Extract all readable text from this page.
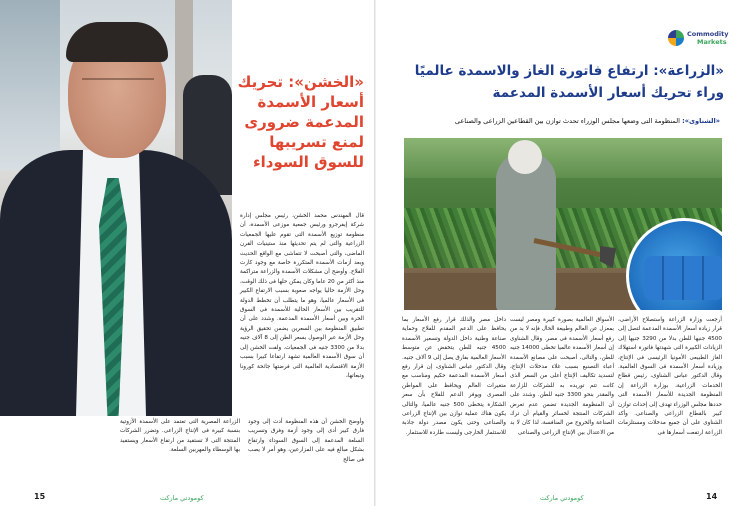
«الخشن»: تحريك أسعار الأسمدة المدعمة ضرورى لمنع تسريبها للسوق السوداء

قال المهندس محمد الخشن، رئيس مجلس إدارة شركة إيفرجرو ورئيس جمعية موزعى الأسمدة، أن منظومة توزيع الأسمدة التى تقوم عليها الجمعيات الزراعية والتى لم يتم تحديثها منذ ستينيات القرن الماضى، والتى أصبحت لا تتماشى مع الواقع الحديث وبعد أزمات الأسمدة المتكررة خاصة مع وجود كارت الفلاح. وأوضح أن مشكلات الأسمدة والزراعة متراكمة منذ أكثر من 20 عاما وكان يمكن حلها فى ذلك الوقت، وحل الأزمة حاليا يواجه صعوبة بسبب الارتفاع الكبير فى الأسعار عالميا، وهو ما يتطلب أن تخطط الدولة للتقريب بين الأسعار الحالية للأسمدة فى السوق الحرة وبين أسعار الأسمدة المدعمة. وشدد على أن تطبيق المنظومة بين السعرين يضمن تحقيق الرؤية وحل الأزمة عبر الوصول بسعر الطن إلى 8 آلاف جنيه بدلا من 3300 جنيه فى الجمعيات. ولفت الخشن إلى أن سوق الأسمدة العالمية تشهد ارتفاعا كبيرا بسبب الأزمة الاقتصادية العالمية التى فرضتها جائحة كورونا وتبعاتها،

وأوضح الخشن أن هذه المنظومة أدت إلى وجود فارق كبير أدى إلى وجود أزمة وفرق وتسريب السلعة المدعمة إلى السوق السوداء وارتفاع بشكل مبالغ فيه على المزارعين، وهو أمر لا يصب فى صالح

الزراعة المصرية التى تعتمد على الأسمدة الأزوتية بنسبة كبيرة فى الإنتاج الزراعى. وتضرر الشركات المنتجة التى لا تستفيد من ارتفاع الأسعار ويستفيد بها الوسطاء والمهربين السلعة.

كومودتي ماركت
15
Commodity
Markets
«الزراعة»: ارتفاع فاتورة الغاز والاسمدة عالميًا وراء تحريك أسعار الأسمدة المدعمة

«الشناوى»: المنظومة التى وضعها مجلس الوزراء تحدث توازن بين القطاعين الزراعى والصناعى

أرجعت وزارة الزراعة واستصلاح الأراضى، قرار زيادة أسعار الأسمدة المدعمة لتصل إلى 4500 جنيها للطن بدلا من 3290 جنيها إلى الزيادات الكبيرة التى شهدتها فاتورة استهلاك الغاز الطبيعى الأمونيا الرئيسى فى الإنتاج، وزيادة أسعار الأسمدة فى السوق العالمية. وقال الدكتور عباس الشناوى، رئيس قطاع الخدمات الزراعية، بوزارة الزراعة إن المنظومة الجديدة للأسعار الأسمدة التى حددها مجلس الوزراء تهدف إلى إحداث توازن كبير بالقطاع الزراعى والصناعى. وأكد الشناوى على أن جميع مدخلات ومستلزمات الزراعة ارتفعت أسعارها فى

الأسواق العالمية بصورة كبيرة ومصر ليست بمعزل عن العالم وطبيعة الحال فإنه لا بد من رفع أسعار الأسمدة فى مصر. وقال الشناوى إن أسعار الأسمدة عالميا تخطى 14000 جنيه للطن، والتالى، أصبحت على مصانع الأسمدة أعباء التصنيع بسبب غلاء مدخلات الإنتاج، لتسديد تكاليف الإنتاج أعلى من السعر الذى كانت تتم توريده به للشركات للزارعة والمقدر بنحو 3300 جنيه للطن. وشدد على أن المنظومة الجديدة تضمن عدم تعرض الشركات المنتجة لخسائر والقيام أن ترك الصناعة والخروج من المنافسة، لذا كان لا بد من الاعتدال بين الإنتاج الزراعى والصناعى

داخل مصر والذلك قرار رفع الأسعار بما يحافظ على الدعم المقدم للفلاح وحماية صناعة وطنية داخل الدولة وتسعير الأسمدة 4500 جنيه للطن يتخفض عن متوسط الأسعار العالمية بفارق يصل إلى 9 آلاف جنيه. وقال الدكتور عباس الشناوى، إن قرار رفع أسعار الأسمدة المدعمة حكيم ومناسب مع متغيرات العالم ويحافظ على المواطن المصرى ويوفر الدعم للفلاح بأن سعر الشكارة يتخطى 500 جنيه عالميا، والتالى يكون هناك عملية توازن بين الإنتاج الزراعى والصناعى وحتى يكون مصدر دولة جاذبة للاستثمار الخارجى وليست طاردة للاستثمار.

كومودتي ماركت	14
